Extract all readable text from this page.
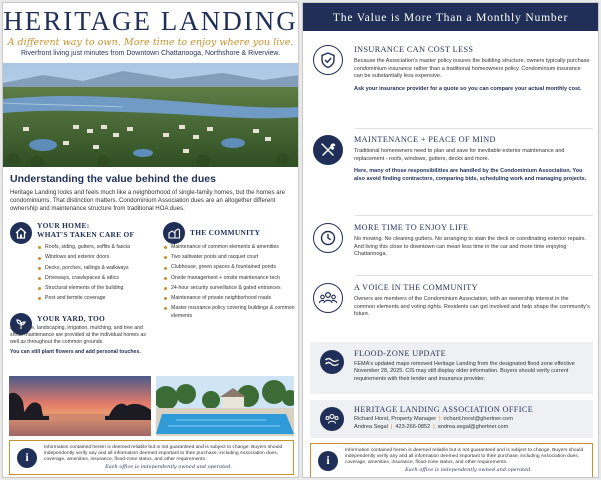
HERITAGE LANDING
A different way to own. More time to enjoy where you live.
Riverfront living just minutes from Downtown Chattanooga, Northshore & Riverview.
Understanding the value behind the dues

Heritage Landing looks and feels much like a neighborhood of single-family homes, but the homes are condominiums. That distinction matters. Condominium Association dues are an altogether different ownership and maintenance structure from traditional HOA dues.

YOUR HOME:
WHAT'S TAKEN CARE OF
Roofs, siding, gutters, soffits & fascia
Windows and exterior doors
Decks, porches, railings & walkways
Driveways, crawlspaces & attics
Structural elements of the building
Pest and termite coverage
YOUR YARD, TOO
Lawn care, landscaping, irrigation, mulching, and tree and shrub maintenance are provided at the individual homes as well as throughout the common grounds.
You can still plant flowers and add personal touches.
THE COMMUNITY
Maintenance of common elements & amenities
Two saltwater pools and racquet court
Clubhouse, green spaces & fountained ponds
Onsite management + onsite maintenance tech
24-hour security surveillance & gated entrances
Maintenance of private neighborhood roads
Master insurance policy covering buildings & common elements
i
Information contained herein is deemed reliable but is not guaranteed and is subject to change. Buyers should independently verify any and all information deemed important to their purchase, including Association dues, coverage, amenities, insurance, flood-zone status, and other requirements.
Each office is independently owned and operated.
The Value is More Than a Monthly Number
INSURANCE CAN COST LESS
Because the Association's master policy insures the building structure, owners typically purchase condominium insurance rather than a traditional homeowners policy. Condominium insurance can be substantially less expensive.
Ask your insurance provider for a quote so you can compare your actual monthly cost.
MAINTENANCE + PEACE OF MIND
Traditional homeowners need to plan and save for inevitable exterior maintenance and replacement - roofs, windows, gutters, decks and more.
Here, many of those responsibilities are handled by the Condominium Association. You also avoid finding contractors, comparing bids, scheduling work and managing projects.
MORE TIME TO ENJOY LIFE
No mowing. No cleaning gutters. No arranging to stain the deck or coordinating exterior repairs. And living this close to downtown can mean less time in the car and more time enjoying Chattanooga.
A VOICE IN THE COMMUNITY
Owners are members of the Condominium Association, with an ownership interest in the common elements and voting rights. Residents can get involved and help shape the community's future.
FLOOD-ZONE UPDATE
FEMA's updated maps removed Heritage Landing from the designated flood zone effective November 28, 2025. CIS may still display older information. Buyers should verify current requirements with their lender and insurance provider.
HERITAGE LANDING ASSOCIATION OFFICE
Richard Horst, Property Manager | richard.horst@ghertner.com
Andrea Segal | 423-266-0852 | andrea.segal@ghertner.com
i
Information contained herein is deemed reliable but is not guaranteed and is subject to change. Buyers should independently verify any and all information deemed important to their purchase, including Association dues, coverage, amenities, insurance, flood-zone status, and other requirements.
Each office is independently owned and operated.
